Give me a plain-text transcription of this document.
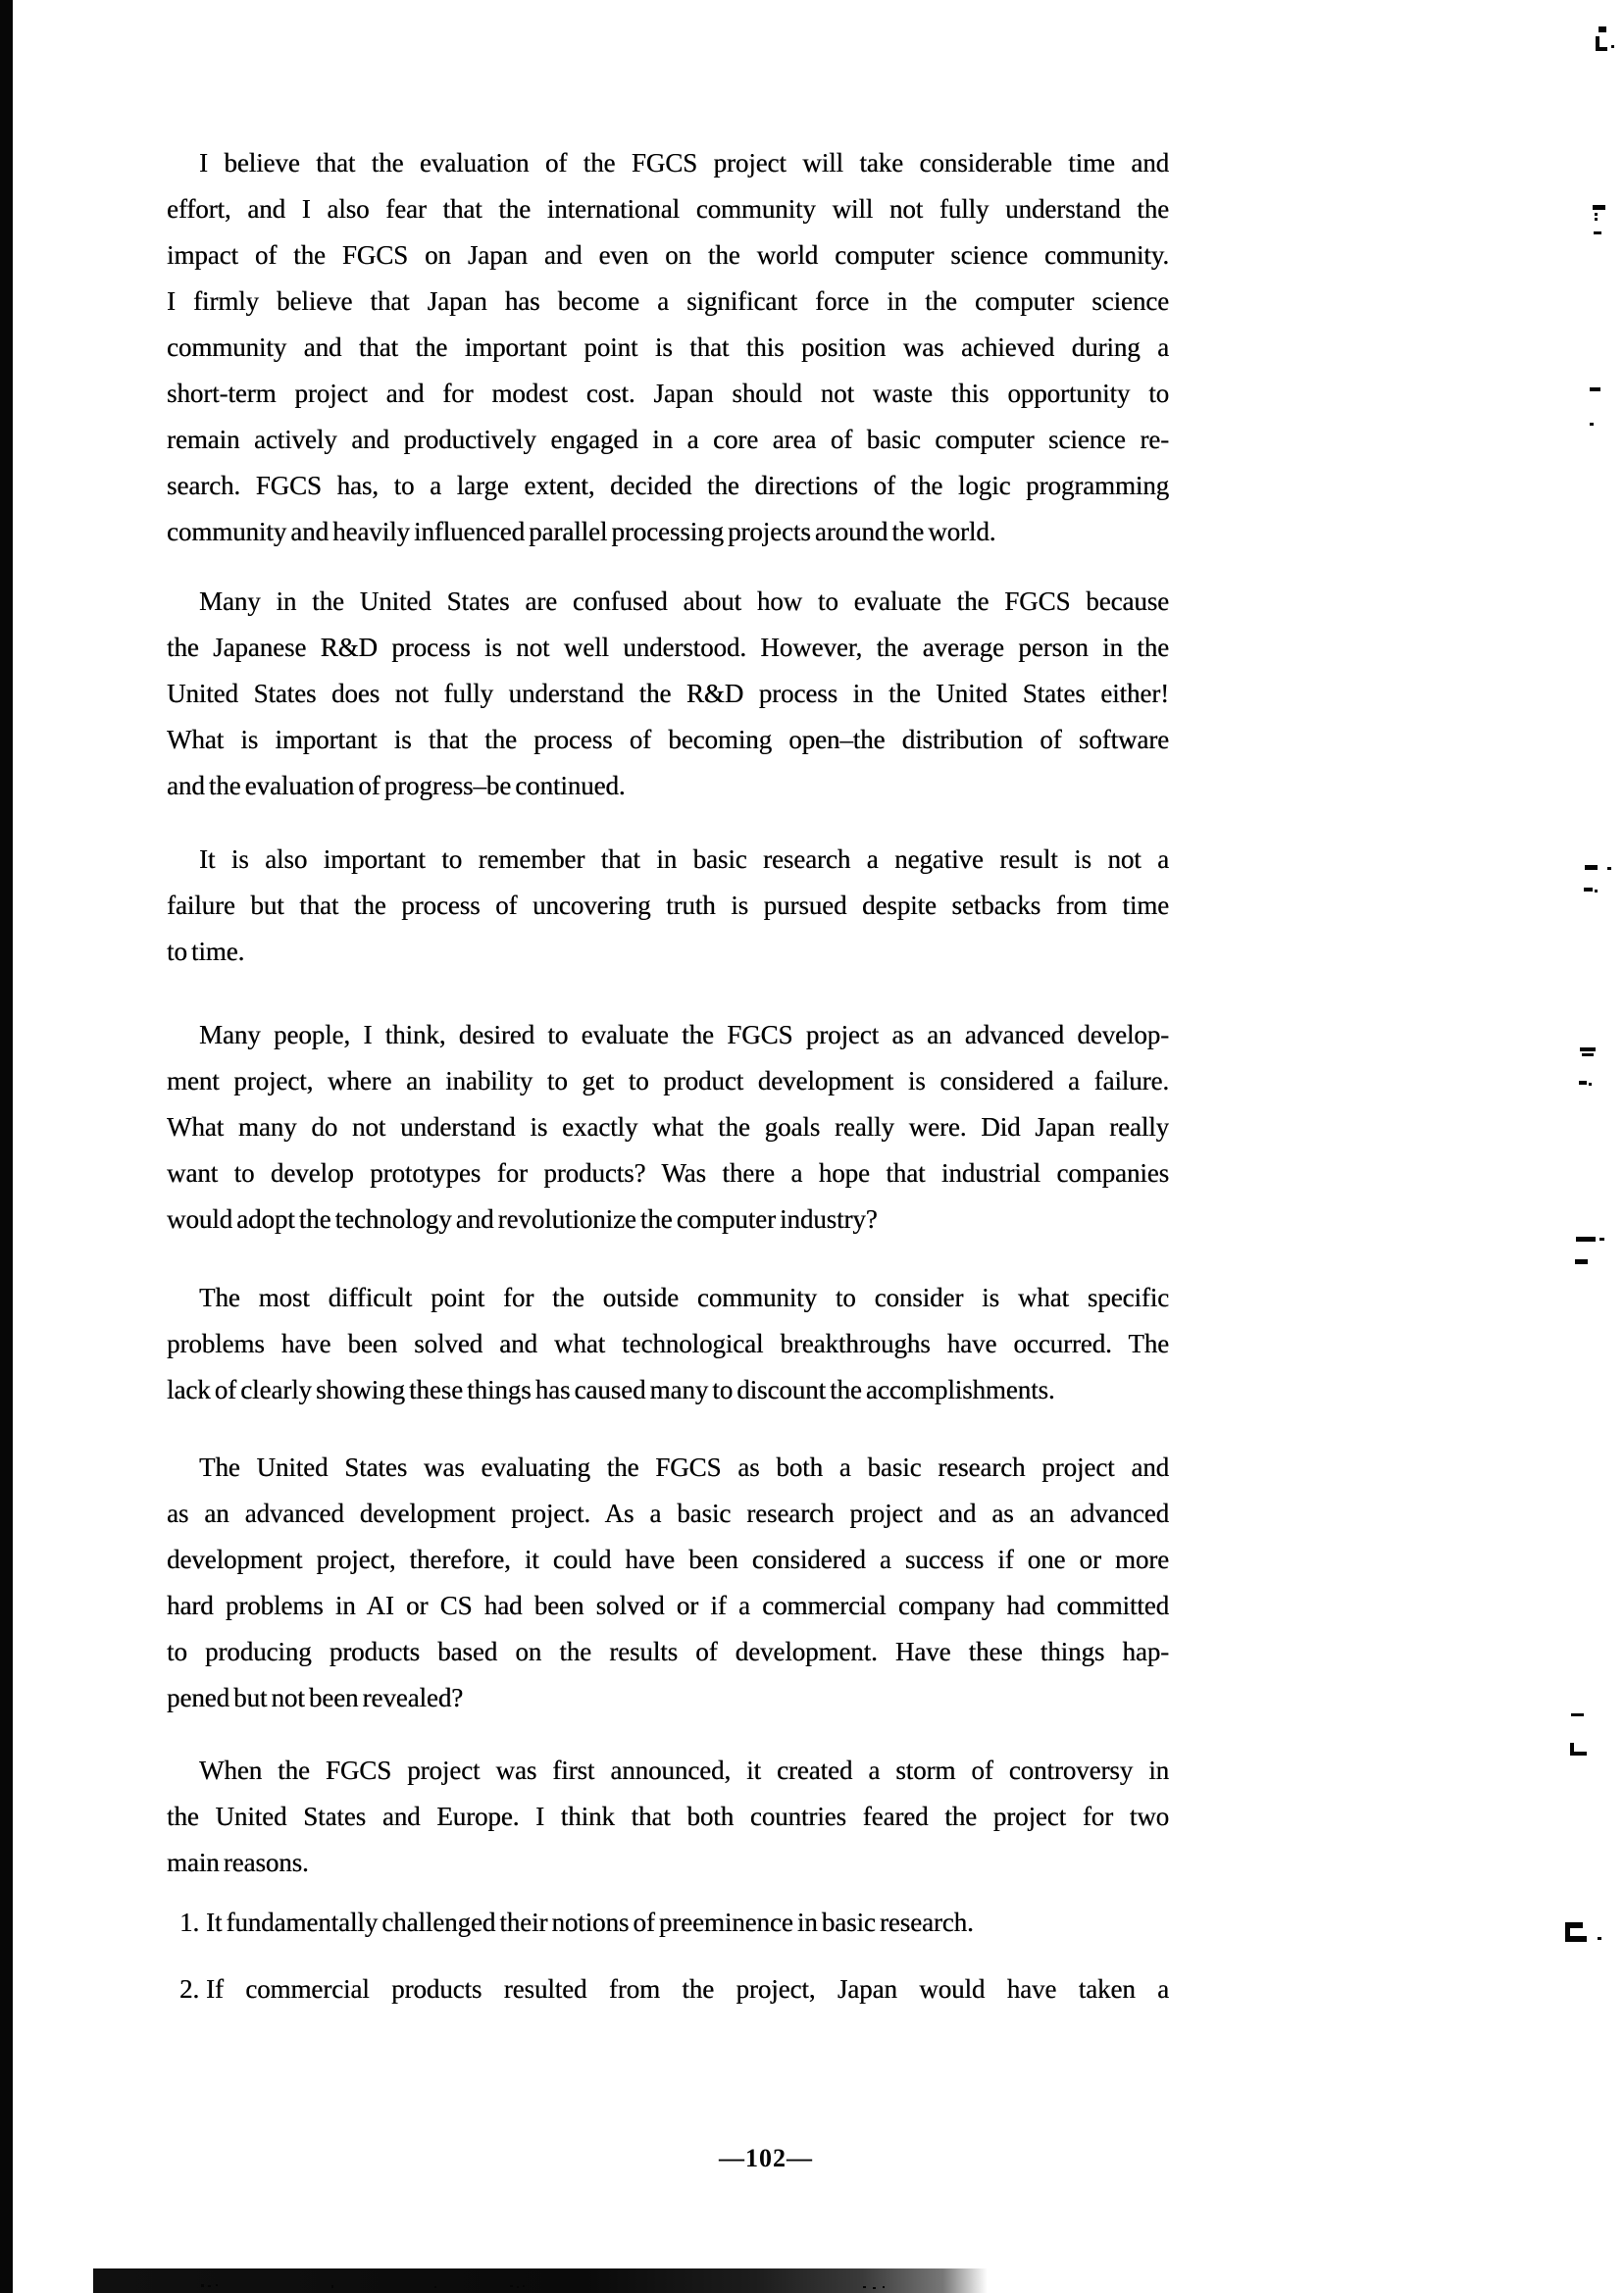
I believe that the evaluation of the FGCS project will take considerable time and
effort, and I also fear that the international community will not fully understand the
impact of the FGCS on Japan and even on the world computer science community.
I firmly believe that Japan has become a significant force in the computer science
community and that the important point is that this position was achieved during a
short-term project and for modest cost. Japan should not waste this opportunity to
remain actively and productively engaged in a core area of basic computer science re-
search. FGCS has, to a large extent, decided the directions of the logic programming
community and heavily influenced parallel processing projects around the world.
Many in the United States are confused about how to evaluate the FGCS because
the Japanese R&D process is not well understood. However, the average person in the
United States does not fully understand the R&D process in the United States either!
What is important is that the process of becoming open–the distribution of software
and the evaluation of progress–be continued.
It is also important to remember that in basic research a negative result is not a
failure but that the process of uncovering truth is pursued despite setbacks from time
to time.
Many people, I think, desired to evaluate the FGCS project as an advanced develop-
ment project, where an inability to get to product development is considered a failure.
What many do not understand is exactly what the goals really were. Did Japan really
want to develop prototypes for products? Was there a hope that industrial companies
would adopt the technology and revolutionize the computer industry?
The most difficult point for the outside community to consider is what specific
problems have been solved and what technological breakthroughs have occurred. The
lack of clearly showing these things has caused many to discount the accomplishments.
The United States was evaluating the FGCS as both a basic research project and
as an advanced development project. As a basic research project and as an advanced
development project, therefore, it could have been considered a success if one or more
hard problems in AI or CS had been solved or if a commercial company had committed
to producing products based on the results of development. Have these things hap-
pened but not been revealed?
When the FGCS project was first announced, it created a storm of controversy in
the United States and Europe. I think that both countries feared the project for two
main reasons.
1. It fundamentally challenged their notions of preeminence in basic research.
2. If commercial products resulted from the project, Japan would have taken a
—102—
